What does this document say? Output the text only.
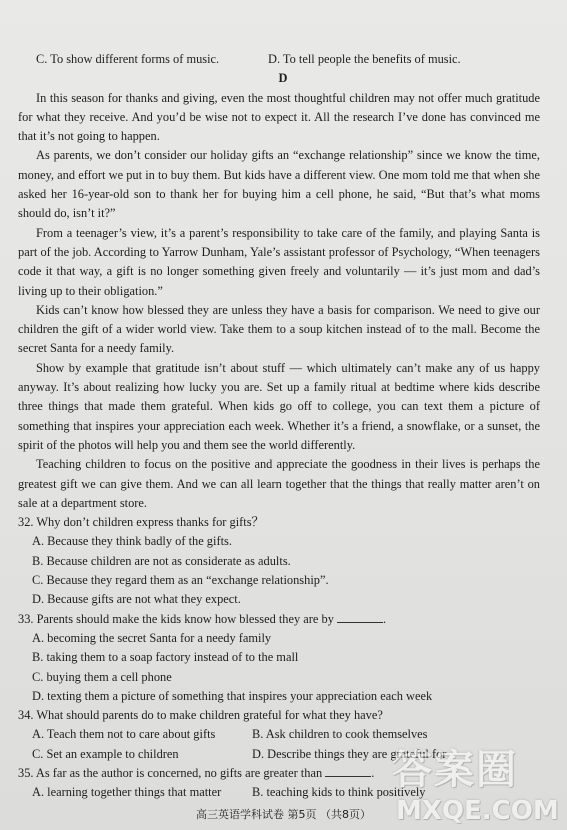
C. To show different forms of music.	D. To tell people the benefits of music.
D

In this season for thanks and giving, even the most thoughtful children may not offer much gratitude for what they receive. And you’d be wise not to expect it. All the research I’ve done has convinced me that it’s not going to happen.

As parents, we don’t consider our holiday gifts an “exchange relationship” since we know the time, money, and effort we put in to buy them. But kids have a different view. One mom told me that when she asked her 16-year-old son to thank her for buying him a cell phone, he said, “But that’s what moms should do, isn’t it?”

From a teenager’s view, it’s a parent’s responsibility to take care of the family, and playing Santa is part of the job. According to Yarrow Dunham, Yale’s assistant professor of Psychology, “When teenagers code it that way, a gift is no longer something given freely and voluntarily — it’s just mom and dad’s living up to their obligation.”

Kids can’t know how blessed they are unless they have a basis for comparison. We need to give our children the gift of a wider world view. Take them to a soup kitchen instead of to the mall. Become the secret Santa for a needy family.

Show by example that gratitude isn’t about stuff — which ultimately can’t make any of us happy anyway. It’s about realizing how lucky you are. Set up a family ritual at bedtime where kids describe three things that made them grateful. When kids go off to college, you can text them a picture of something that inspires your appreciation each week. Whether it’s a friend, a snowflake, or a sunset, the spirit of the photos will help you and them see the world differently.

Teaching children to focus on the positive and appreciate the goodness in their lives is perhaps the greatest gift we can give them. And we can all learn together that the things that really matter aren’t on sale at a department store.

32. Why don’t children express thanks for gifts？
A. Because they think badly of the gifts.
B. Because children are not as considerate as adults.
C. Because they regard them as an “exchange relationship”.
D. Because gifts are not what they expect.
33. Parents should make the kids know how blessed they are by	.
A. becoming the secret Santa for a needy family
B. taking them to a soap factory instead of to the mall
C. buying them a cell phone
D. texting them a picture of something that inspires your appreciation each week
34. What should parents do to make children grateful for what they have?
A. Teach them not to care about gifts	B. Ask children to cook themselves
C. Set an example to children	D. Describe things they are grateful for
35. As far as the author is concerned, no gifts are greater than	.
A. learning together things that matter	B. teaching kids to think positively
高三英语学科试卷 第5页 （共8页）
答案圈
MXQE.COM
